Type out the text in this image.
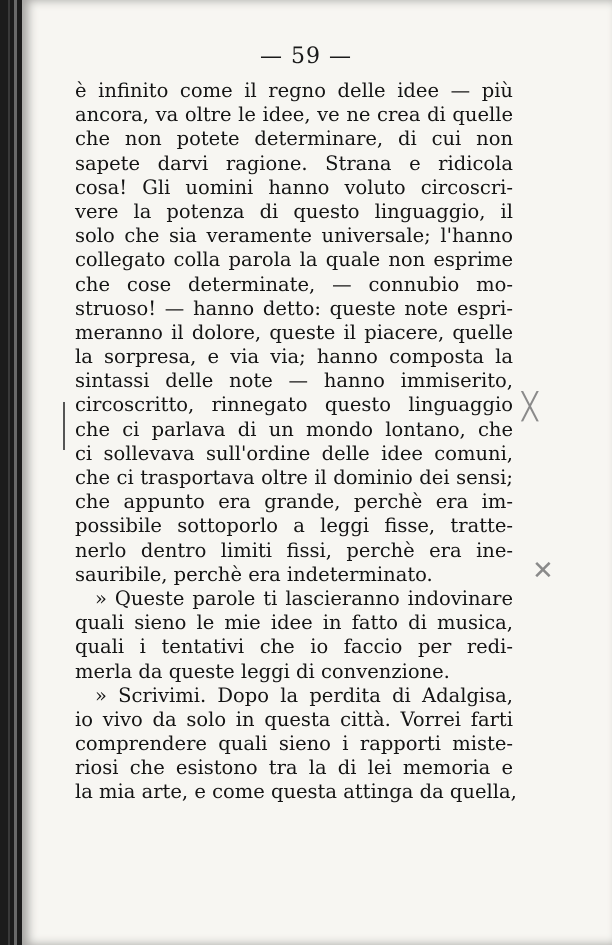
— 59 —
╳
✕
è infinito come il regno delle idee — più
ancora, va oltre le idee, ve ne crea di quelle
che non potete determinare, di cui non
sapete darvi ragione. Strana e ridicola
cosa! Gli uomini hanno voluto circoscri-
vere la potenza di questo linguaggio, il
solo che sia veramente universale; l'hanno
collegato colla parola la quale non esprime
che cose determinate, — connubio mo-
struoso! — hanno detto: queste note espri-
meranno il dolore, queste il piacere, quelle
la sorpresa, e via via; hanno composta la
sintassi delle note — hanno immiserito,
circoscritto, rinnegato questo linguaggio
che ci parlava di un mondo lontano, che
ci sollevava sull'ordine delle idee comuni,
che ci trasportava oltre il dominio dei sensi;
che appunto era grande, perchè era im-
possibile sottoporlo a leggi fisse, tratte-
nerlo dentro limiti fissi, perchè era ine-
sauribile, perchè era indeterminato.
» Queste parole ti lascieranno indovinare
quali sieno le mie idee in fatto di musica,
quali i tentativi che io faccio per redi-
merla da queste leggi di convenzione.
» Scrivimi. Dopo la perdita di Adalgisa,
io vivo da solo in questa città. Vorrei farti
comprendere quali sieno i rapporti miste-
riosi che esistono tra la di lei memoria e
la mia arte, e come questa attinga da quella,
